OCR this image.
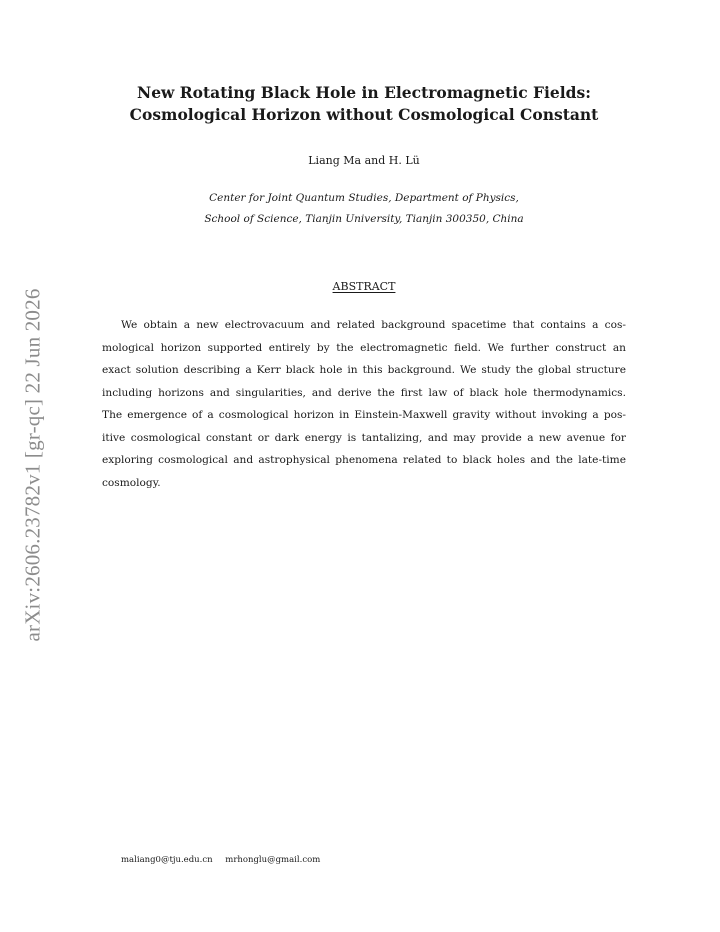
arXiv:2606.23782v1 [gr-qc] 22 Jun 2026
New Rotating Black Hole in Electromagnetic Fields:
Cosmological Horizon without Cosmological Constant
Liang Ma and H. Lü
Center for Joint Quantum Studies, Department of Physics,
School of Science, Tianjin University, Tianjin 300350, China
ABSTRACT
We obtain a new electrovacuum and related background spacetime that contains a cos-
mological horizon supported entirely by the electromagnetic field. We further construct an
exact solution describing a Kerr black hole in this background. We study the global structure
including horizons and singularities, and derive the first law of black hole thermodynamics.
The emergence of a cosmological horizon in Einstein-Maxwell gravity without invoking a pos-
itive cosmological constant or dark energy is tantalizing, and may provide a new avenue for
exploring cosmological and astrophysical phenomena related to black holes and the late-time
cosmology.
maliang0@tju.edu.cn mrhonglu@gmail.com
